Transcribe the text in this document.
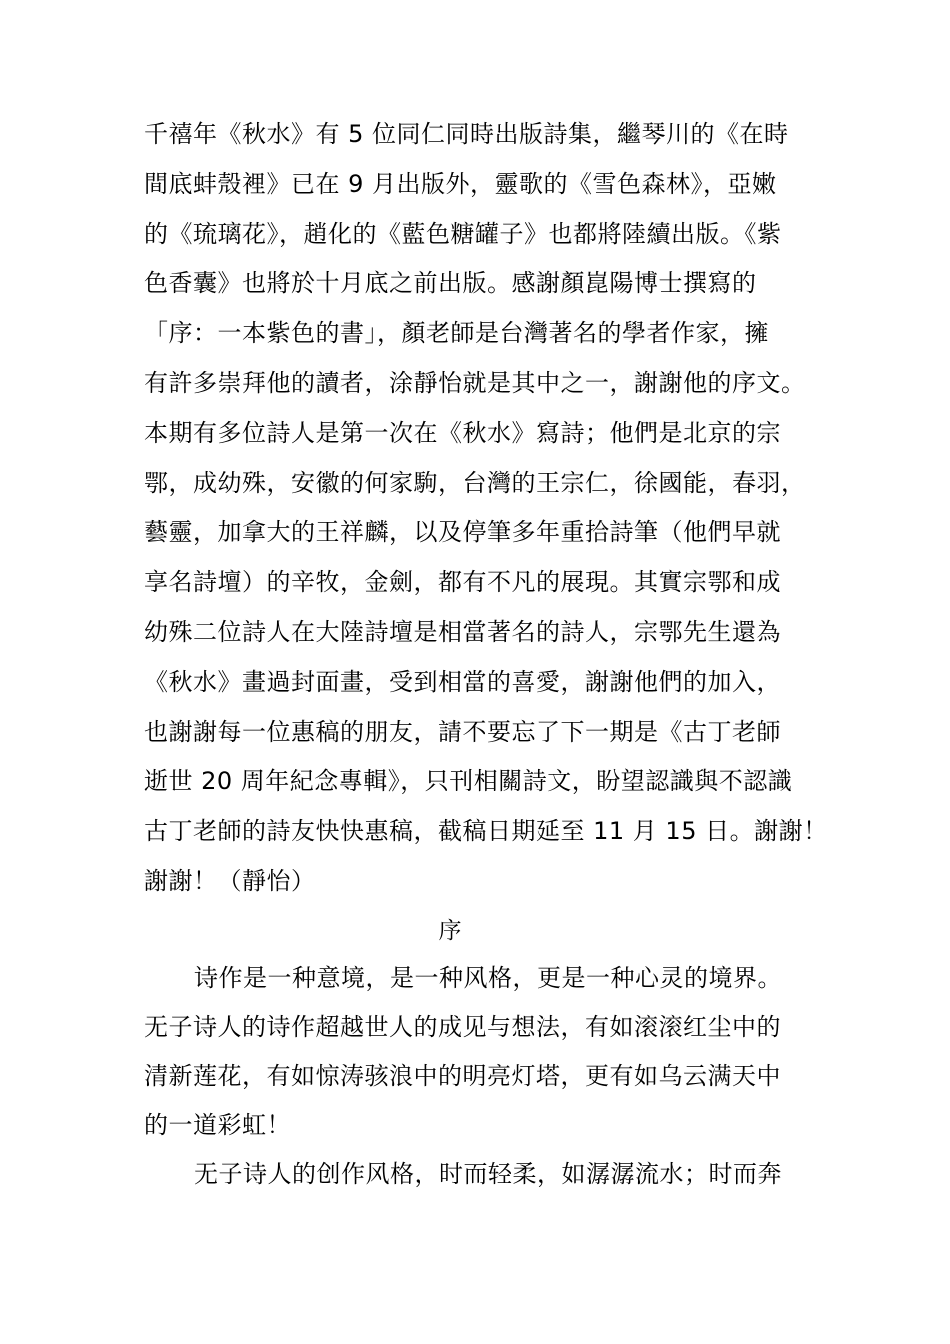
千禧年《秋水》有 5 位同仁同時出版詩集，繼琴川的《在時
間底蚌殼裡》已在 9 月出版外，靈歌的《雪色森林》，亞嫩
的《琉璃花》，趙化的《藍色糖罐子》也都將陸續出版。《紫
色香囊》也將於十月底之前出版。感謝顏崑陽博士撰寫的
「序：一本紫色的書」，顏老師是台灣著名的學者作家，擁
有許多崇拜他的讀者，涂靜怡就是其中之一，謝謝他的序文。
本期有多位詩人是第一次在《秋水》寫詩；他們是北京的宗
鄂，成幼殊，安徽的何家駒，台灣的王宗仁，徐國能，春羽，
藝靈，加拿大的王祥麟，以及停筆多年重拾詩筆（他們早就
享名詩壇）的辛牧，金劍，都有不凡的展現。其實宗鄂和成
幼殊二位詩人在大陸詩壇是相當著名的詩人，宗鄂先生還為
《秋水》畫過封面畫，受到相當的喜愛，謝謝他們的加入，
也謝謝每一位惠稿的朋友，請不要忘了下一期是《古丁老師
逝世 20 周年紀念專輯》，只刊相關詩文，盼望認識與不認識
古丁老師的詩友快快惠稿，截稿日期延至 11 月 15 日。謝謝！
謝謝！（靜怡）
序
诗作是一种意境，是一种风格，更是一种心灵的境界。
无子诗人的诗作超越世人的成见与想法，有如滚滚红尘中的
清新莲花，有如惊涛骇浪中的明亮灯塔，更有如乌云满天中
的一道彩虹！
无子诗人的创作风格，时而轻柔，如潺潺流水；时而奔
